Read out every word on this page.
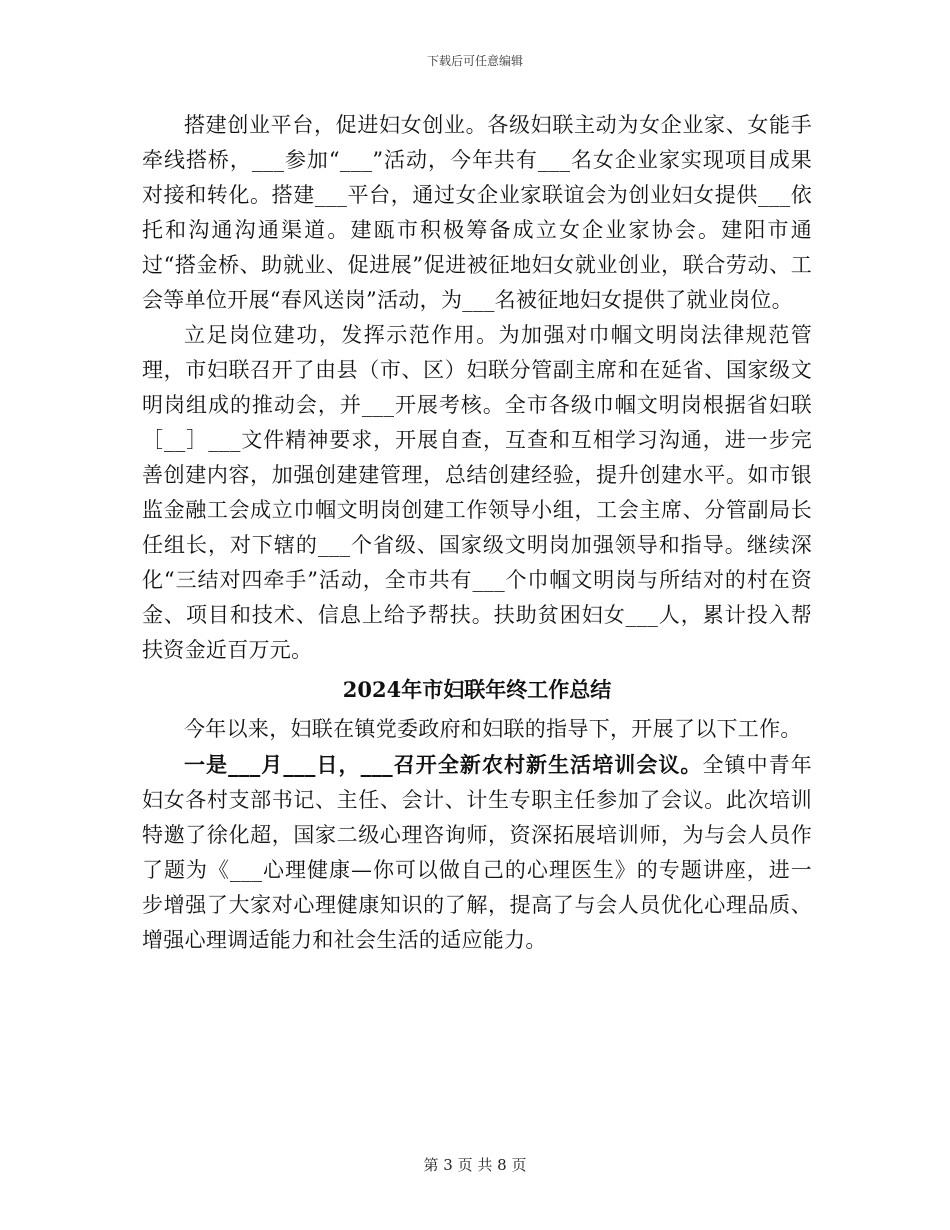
下载后可任意编辑

搭建创业平台，促进妇女创业。各级妇联主动为女企业家、女能手牵线搭桥，___参加“___”活动，今年共有___名女企业家实现项目成果对接和转化。搭建___平台，通过女企业家联谊会为创业妇女提供___依托和沟通沟通渠道。建瓯市积极筹备成立女企业家协会。建阳市通过“搭金桥、助就业、促进展”促进被征地妇女就业创业，联合劳动、工会等单位开展“春风送岗”活动，为___名被征地妇女提供了就业岗位。

立足岗位建功，发挥示范作用。为加强对巾帼文明岗法律规范管理，市妇联召开了由县（市、区）妇联分管副主席和在延省、国家级文明岗组成的推动会，并___开展考核。全市各级巾帼文明岗根据省妇联［__］___文件精神要求，开展自查，互查和互相学习沟通，进一步完善创建内容，加强创建建管理，总结创建经验，提升创建水平。如市银监金融工会成立巾帼文明岗创建工作领导小组，工会主席、分管副局长任组长，对下辖的___个省级、国家级文明岗加强领导和指导。继续深化“三结对四牵手”活动，全市共有___个巾帼文明岗与所结对的村在资金、项目和技术、信息上给予帮扶。扶助贫困妇女___人，累计投入帮扶资金近百万元。

2024年市妇联年终工作总结

今年以来，妇联在镇党委政府和妇联的指导下，开展了以下工作。

一是___月___日，___召开全新农村新生活培训会议。全镇中青年妇女各村支部书记、主任、会计、计生专职主任参加了会议。此次培训特邀了徐化超，国家二级心理咨询师，资深拓展培训师，为与会人员作了题为《___心理健康—你可以做自己的心理医生》的专题讲座，进一步增强了大家对心理健康知识的了解，提高了与会人员优化心理品质、增强心理调适能力和社会生活的适应能力。

第 3 页 共 8 页
